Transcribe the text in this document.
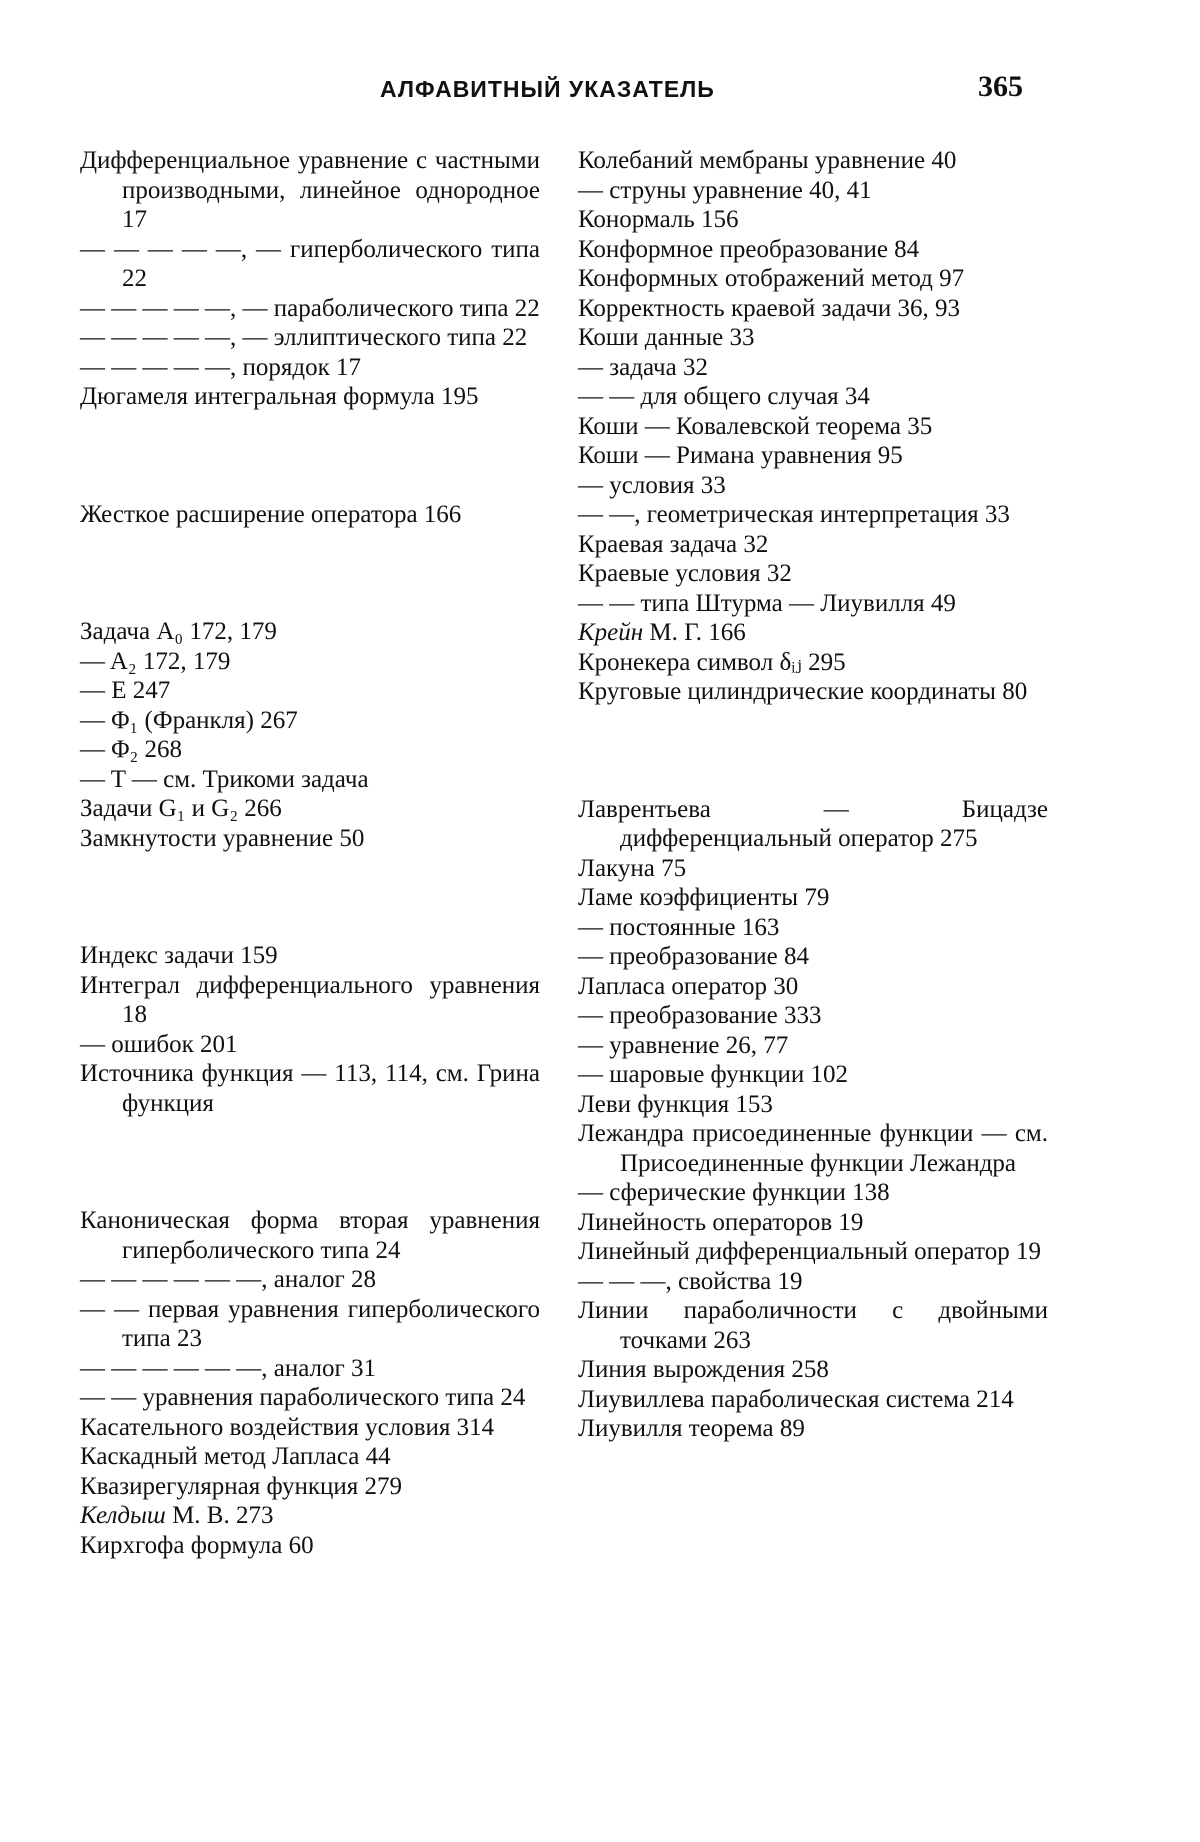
АЛФАВИТНЫЙ УКАЗАТЕЛЬ	365
Дифференциальное уравнение с частными производными, линейное однородное 17
— — — — —, — гиперболического типа 22
— — — — —, — параболического типа 22
— — — — —, — эллиптического типа 22
— — — — —, порядок 17
Дюгамеля интегральная формула 195
Жесткое расширение оператора 166
Задача A₀ 172, 179
— A₂ 172, 179
— E 247
— Φ₁ (Франкля) 267
— Φ₂ 268
— T — см. Трикоми задача
Задачи G₁ и G₂ 266
Замкнутости уравнение 50
Индекс задачи 159
Интеграл дифференциального уравнения 18
— ошибок 201
Источника функция — 113, 114, см. Грина функция
Каноническая форма вторая уравнения гиперболического типа 24
— — — — — —, аналог 28
— — первая уравнения гиперболического типа 23
— — — — — —, аналог 31
— — уравнения параболического типа 24
Касательного воздействия условия 314
Каскадный метод Лапласа 44
Квазирегулярная функция 279
Келдыш М. В. 273
Кирхгофа формула 60
Колебаний мембраны уравнение 40
— струны уравнение 40, 41
Конормаль 156
Конформное преобразование 84
Конформных отображений метод 97
Корректность краевой задачи 36, 93
Коши данные 33
— задача 32
— — для общего случая 34
Коши — Ковалевской теорема 35
Коши — Римана уравнения 95
— условия 33
— —, геометрическая интерпретация 33
Краевая задача 32
Краевые условия 32
— — типа Штурма — Лиувилля 49
Крейн М. Г. 166
Кронекера символ δᵢⱼ 295
Круговые цилиндрические координаты 80
Лаврентьева — Бицадзе дифференциальный оператор 275
Лакуна 75
Ламе коэффициенты 79
— постоянные 163
— преобразование 84
Лапласа оператор 30
— преобразование 333
— уравнение 26, 77
— шаровые функции 102
Леви функция 153
Лежандра присоединенные функции — см. Присоединенные функции Лежандра
— сферические функции 138
Линейность операторов 19
Линейный дифференциальный оператор 19
— — —, свойства 19
Линии параболичности с двойными точками 263
Линия вырождения 258
Лиувиллева параболическая система 214
Лиувилля теорема 89
